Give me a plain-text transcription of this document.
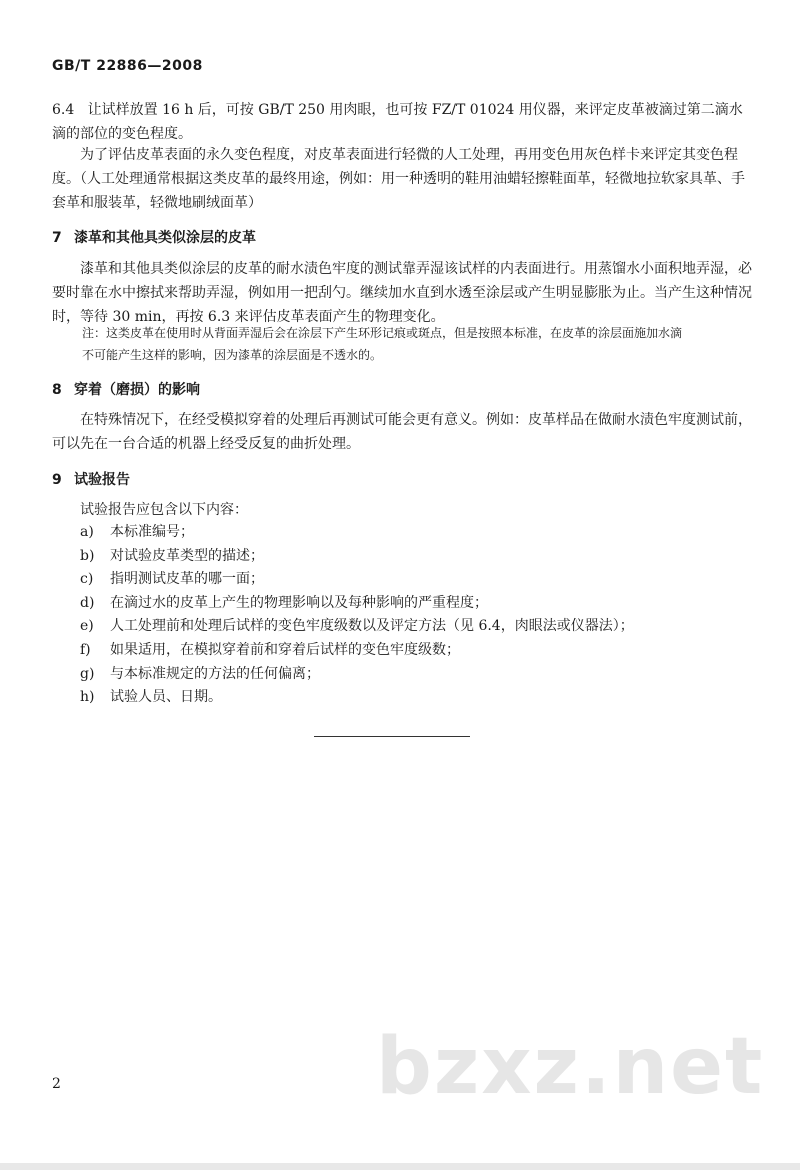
GB/T 22886—2008

6.4 让试样放置 16 h 后，可按 GB/T 250 用肉眼，也可按 FZ/T 01024 用仪器，来评定皮革被滴过第二滴水滴的部位的变色程度。

为了评估皮革表面的永久变色程度，对皮革表面进行轻微的人工处理，再用变色用灰色样卡来评定其变色程度。（人工处理通常根据这类皮革的最终用途，例如：用一种透明的鞋用油蜡轻擦鞋面革，轻微地拉软家具革、手套革和服装革，轻微地刷绒面革）

7 漆革和其他具类似涂层的皮革

漆革和其他具类似涂层的皮革的耐水渍色牢度的测试靠弄湿该试样的内表面进行。用蒸馏水小面积地弄湿，必要时靠在水中擦拭来帮助弄湿，例如用一把刮勺。继续加水直到水透至涂层或产生明显膨胀为止。当产生这种情况时，等待 30 min，再按 6.3 来评估皮革表面产生的物理变化。

注：这类皮革在使用时从背面弄湿后会在涂层下产生环形记痕或斑点，但是按照本标准，在皮革的涂层面施加水滴

不可能产生这样的影响，因为漆革的涂层面是不透水的。
8 穿着（磨损）的影响

在特殊情况下，在经受模拟穿着的处理后再测试可能会更有意义。例如：皮革样品在做耐水渍色牢度测试前，可以先在一台合适的机器上经受反复的曲折处理。

9 试验报告

试验报告应包含以下内容：

a) 本标准编号；
b) 对试验皮革类型的描述；
c) 指明测试皮革的哪一面；
d) 在滴过水的皮革上产生的物理影响以及每种影响的严重程度；
e) 人工处理前和处理后试样的变色牢度级数以及评定方法（见 6.4，肉眼法或仪器法）；
f) 如果适用，在模拟穿着前和穿着后试样的变色牢度级数；
g) 与本标准规定的方法的任何偏离；
h) 试验人员、日期。
bzxz.net
2
